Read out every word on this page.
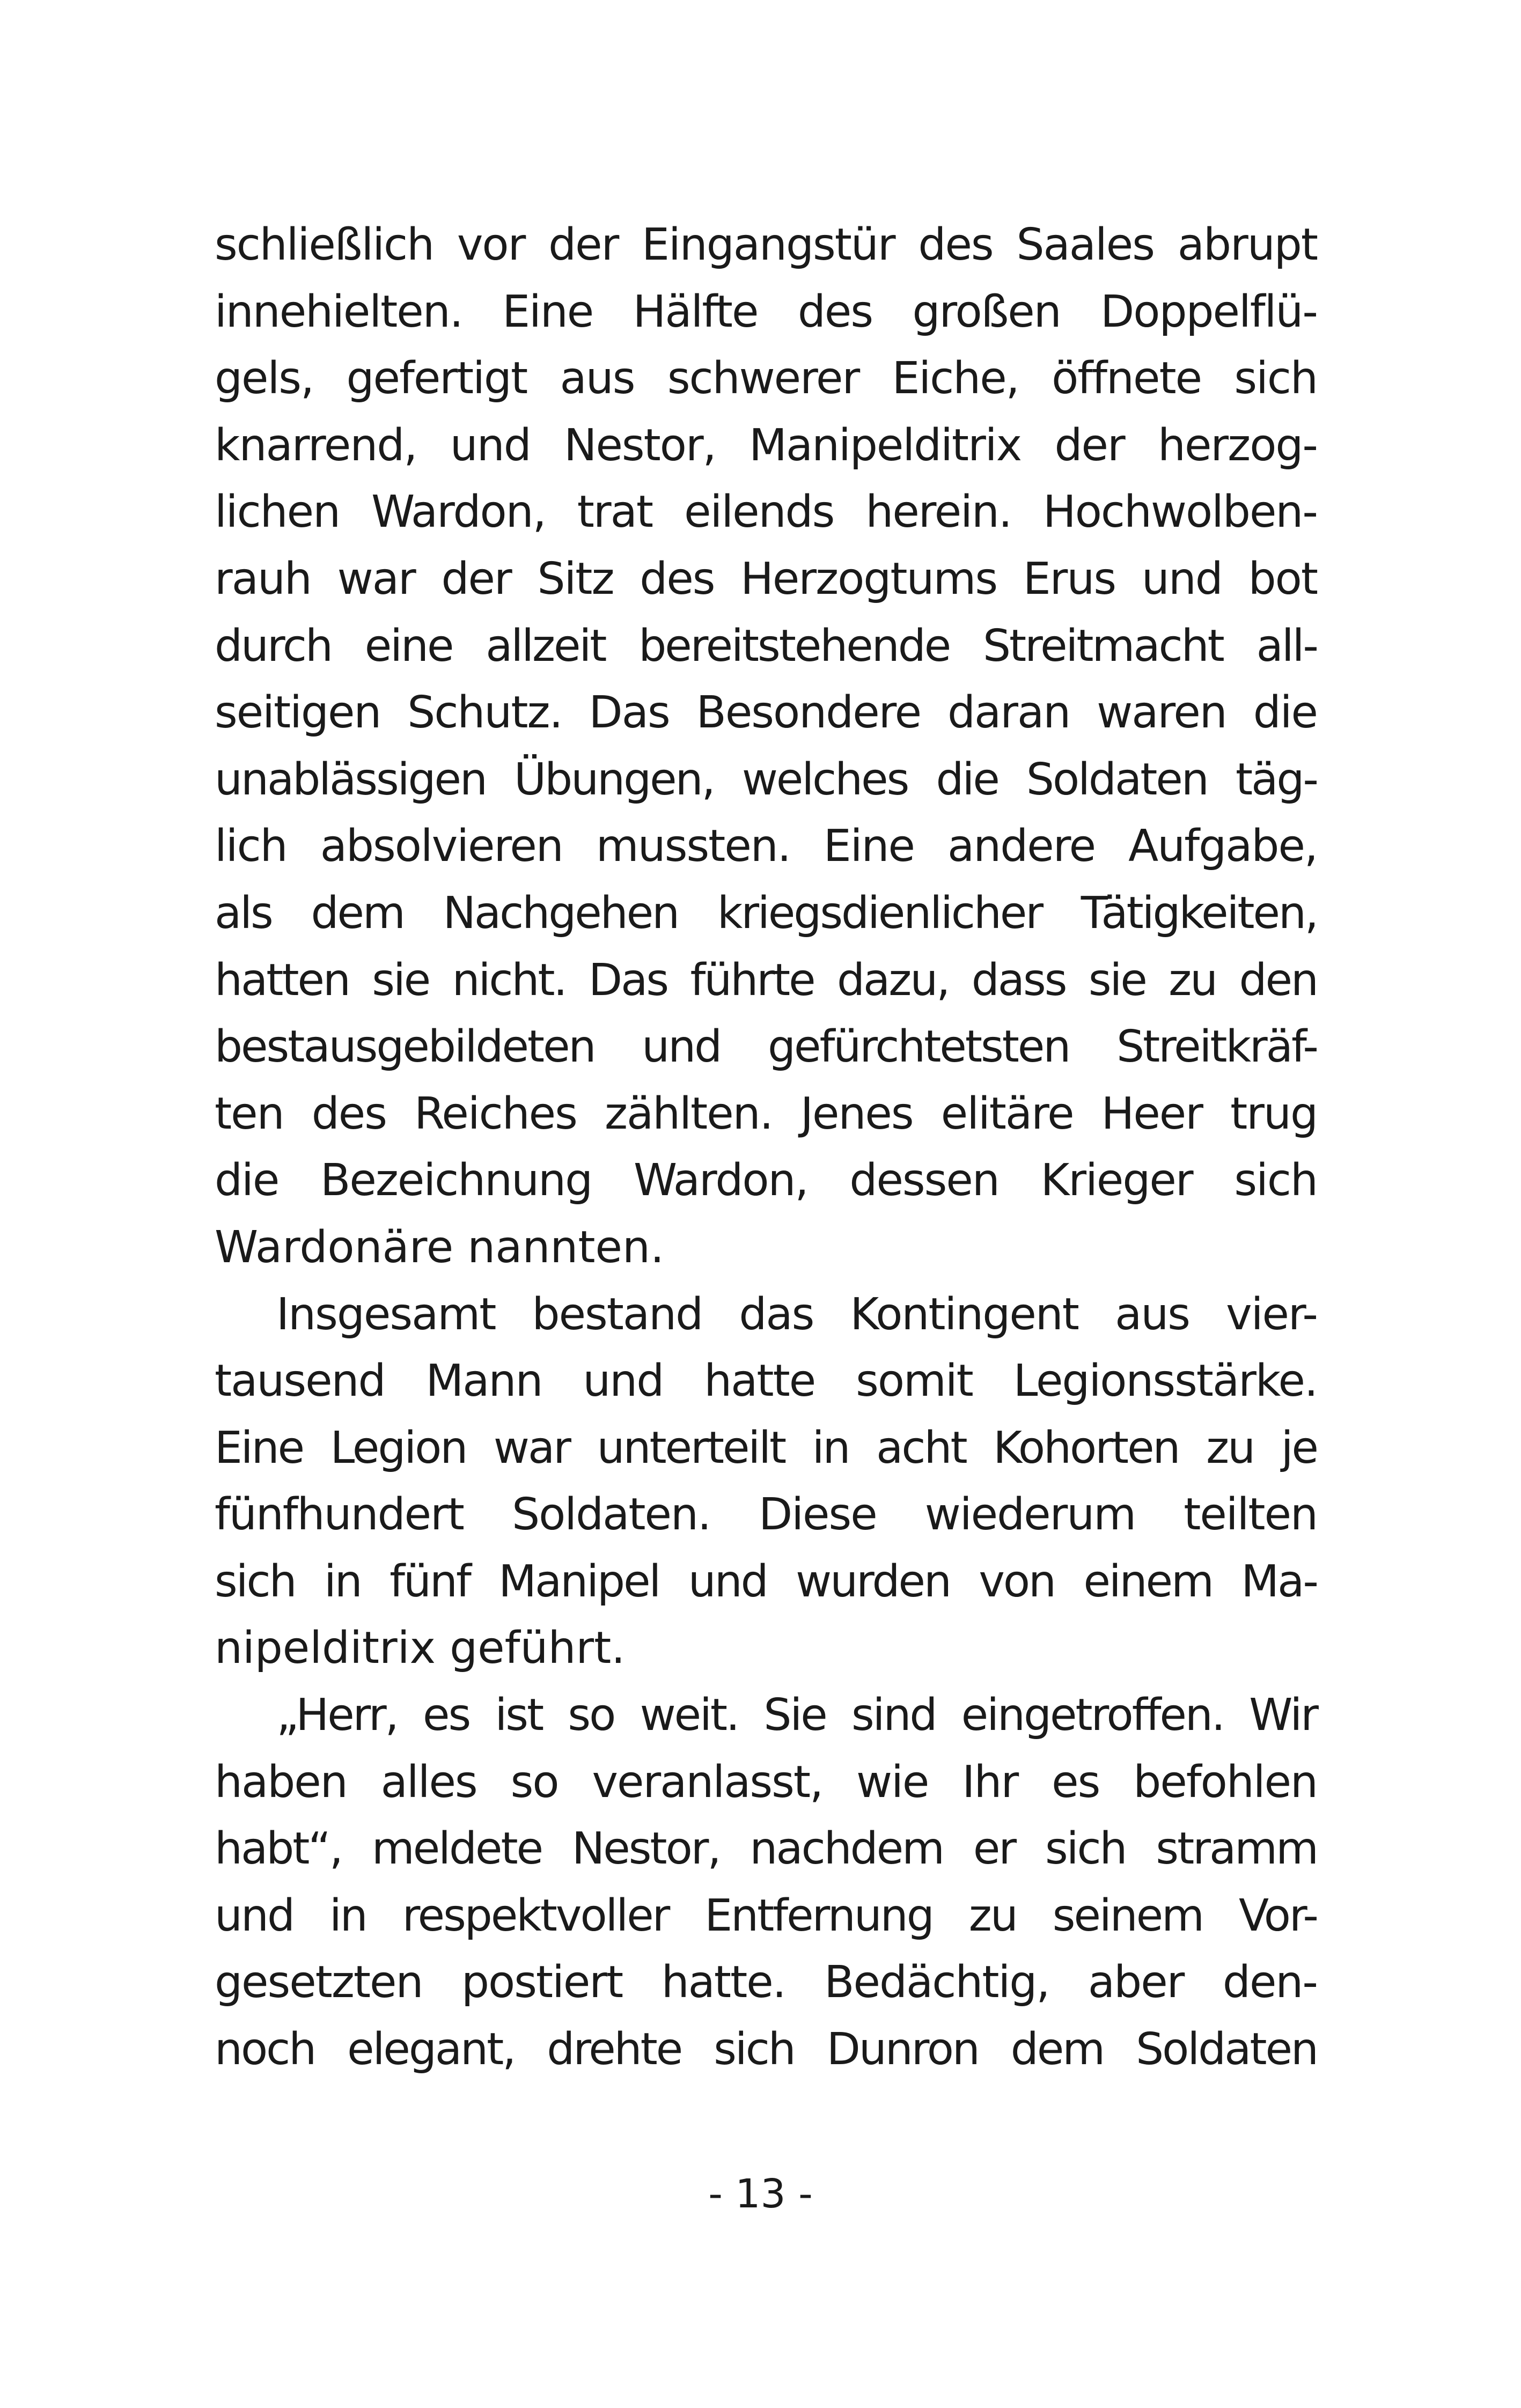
schließlich vor der Eingangstür des Saales abrupt
innehielten. Eine Hälfte des großen Doppelflü-
gels, gefertigt aus schwerer Eiche, öffnete sich
knarrend, und Nestor, Manipelditrix der herzog-
lichen Wardon, trat eilends herein. Hochwolben-
rauh war der Sitz des Herzogtums Erus und bot
durch eine allzeit bereitstehende Streitmacht all-
seitigen Schutz. Das Besondere daran waren die
unablässigen Übungen, welches die Soldaten täg-
lich absolvieren mussten. Eine andere Aufgabe,
als dem Nachgehen kriegsdienlicher Tätigkeiten,
hatten sie nicht. Das führte dazu, dass sie zu den
bestausgebildeten und gefürchtetsten Streitkräf-
ten des Reiches zählten. Jenes elitäre Heer trug
die Bezeichnung Wardon, dessen Krieger sich
Wardonäre nannten.
Insgesamt bestand das Kontingent aus vier-
tausend Mann und hatte somit Legionsstärke.
Eine Legion war unterteilt in acht Kohorten zu je
fünfhundert Soldaten. Diese wiederum teilten
sich in fünf Manipel und wurden von einem Ma-
nipelditrix geführt.
„Herr, es ist so weit. Sie sind eingetroffen. Wir
haben alles so veranlasst, wie Ihr es befohlen
habt“, meldete Nestor, nachdem er sich stramm
und in respektvoller Entfernung zu seinem Vor-
gesetzten postiert hatte. Bedächtig, aber den-
noch elegant, drehte sich Dunron dem Soldaten
- 13 -
